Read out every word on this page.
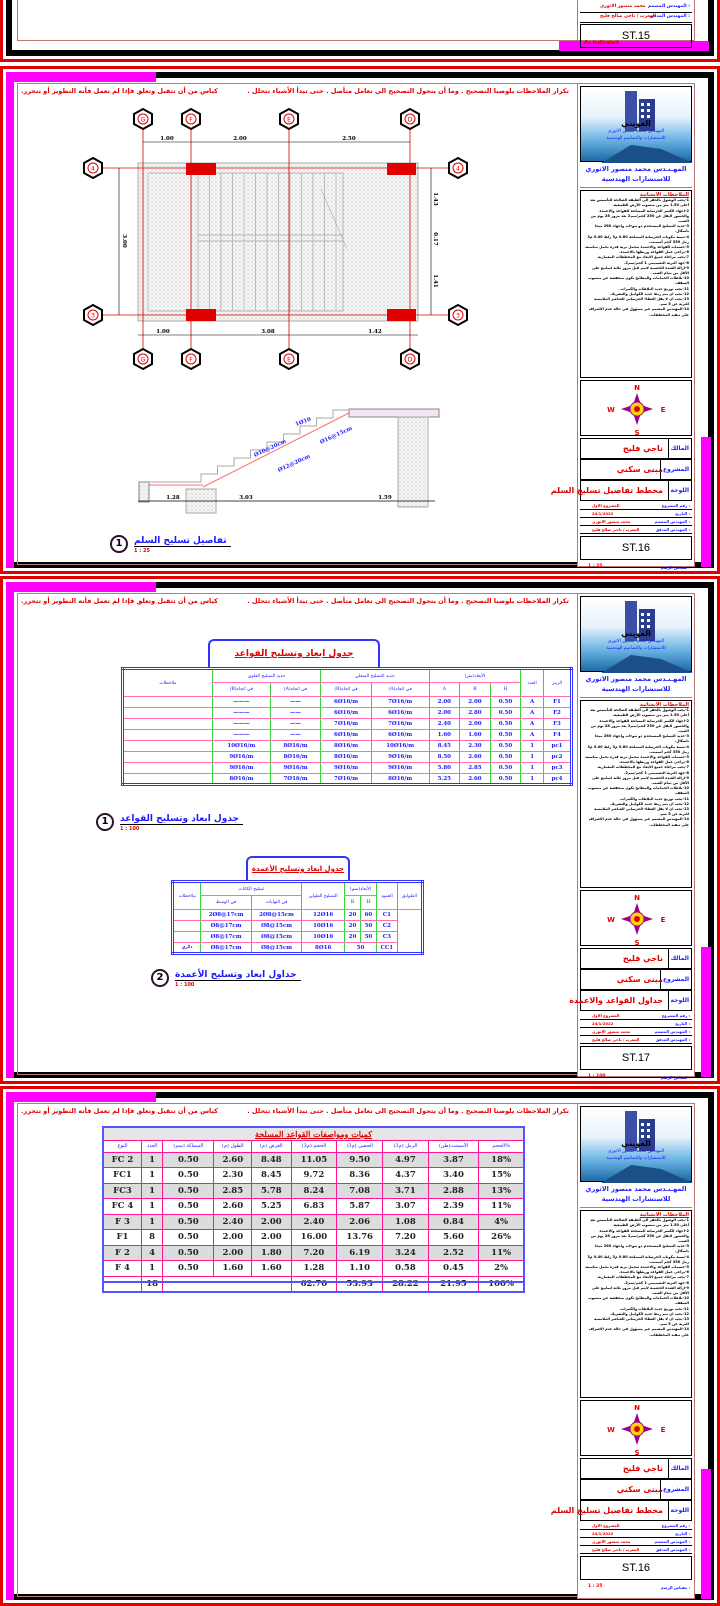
المهندس المصمم :
محمد منصور الاثوري
المهندس المدقق :
المعرب / ناجي صالح فليح
ST.15
As indicated
تكرار الملاحظات يلوضنا التصحيح . وما أن يتحول التصحيح الى تعامل متأصل . حتى تبدأ الأشياء تتحلل .
كياس من أن تتقبل وتعلق فإذا لم تعمل فأنه التطوير أو تتحرر.
العويني
المهندس محمد منصور الاثوري
للاستشارات والتصاميم الهندسية
المهـنـدس محمد منصور الاثوري
للاستشارات الهندسية
الملاحظات الانشائية
1-يجب الوصول بالحفر الى الطبقة الصالحة للتأسيس بعد أعلى 1.50 متر من منسوب الأرض الطبيعية.
2-اجهاد الكسر الخرسانة المسلحة للقواعد والاعمدة والجسور لايقل عن 250 كجم/سم2 بعد مرور 28 يوم من الصب.
3-حديد التسليح المستخدم ذو نتوءات واجهاد 280 ميجا باسكال.
4-نسبة مكونات الخرسانة المسلحة 0.80 م3 زلط 0.40 م3 رمل 350 كجم أسمنت.
5-جسمات القواعد والاعمدة تتحمل تربة قدرة تحمل مناسبة.
6-يراعى عمل القواعد وربطها بالاعمدة.
7-يجب مراعاة جميع الابعاد مع المخططات المعمارية.
8-جهد التربة التصميمي 1 كجم/سم2.
9-ازالة الشدة الخشبية لايتم قبل مرور ثلاثة اسابيع على الأقل من تمام الصب.
10-بلاطات الحمامات والمطابخ تكون منخفضة عن منسوب السقف.
11-يجب توزيع حديد البلاطات والكمرات.
12-يجب ان يتم ربط حديد الكوابيل والتشريك.
13-يجب ان لا يقل الغطاء الخرساني للعناصر الملامسة للتربة عن 5 سم.
14-المهندس المصمم غير مسؤول في حالة عدم الاشراف على تنفيذ المخططات.
N
S
W	E
المالك
ناجي فليح
المشروع
مبنى سكني
اللوحة
مخطط تفاصيل تسليح السلم
رقم المشروع :
المشروع الاول
التاريخ :
24/1/2022
المهندس المصمم :
محمد منصور الاثوري
المهندس المدقق :
المعرب / ناجي صالح فليح
ST.16
مقياس الرسم :
1 : 25
G
G
F
F
E
E
D
D
4	4
3	3
1.00	2.00	2.50
1.00	3.08	1.42
3.00
1.43
0.17
1.41
1.28	3.03	1.59
1Ø10
Ø10@20cm
Ø16@15cm
Ø12@20cm
1	تفاصيل تسليح السلم
1 : 25
تكرار الملاحظات يلوضنا التصحيح . وما أن يتحول التصحيح الى تعامل متأصل . حتى تبدأ الأشياء تتحلل .
كياس من أن تتقبل وتعلق فإذا لم تعمل فأنه التطوير أو تتحرر.
العويني
المهندس محمد منصور الاثوري
للاستشارات والتصاميم الهندسية
المهـنـدس محمد منصور الاثوري
للاستشارات الهندسية
الملاحظات الانشائية
1-يجب الوصول بالحفر الى الطبقة الصالحة للتأسيس بعد أعلى 1.50 متر من منسوب الأرض الطبيعية.
2-اجهاد الكسر الخرسانة المسلحة للقواعد والاعمدة والجسور لايقل عن 250 كجم/سم2 بعد مرور 28 يوم من الصب.
3-حديد التسليح المستخدم ذو نتوءات واجهاد 280 ميجا باسكال.
4-نسبة مكونات الخرسانة المسلحة 0.80 م3 زلط 0.40 م3 رمل 350 كجم أسمنت.
5-جسمات القواعد والاعمدة تتحمل تربة قدرة تحمل مناسبة.
6-يراعى عمل القواعد وربطها بالاعمدة.
7-يجب مراعاة جميع الابعاد مع المخططات المعمارية.
8-جهد التربة التصميمي 1 كجم/سم2.
9-ازالة الشدة الخشبية لايتم قبل مرور ثلاثة اسابيع على الأقل من تمام الصب.
10-بلاطات الحمامات والمطابخ تكون منخفضة عن منسوب السقف.
11-يجب توزيع حديد البلاطات والكمرات.
12-يجب ان يتم ربط حديد الكوابيل والتشريك.
13-يجب ان لا يقل الغطاء الخرساني للعناصر الملامسة للتربة عن 5 سم.
14-المهندس المصمم غير مسؤول في حالة عدم الاشراف على تنفيذ المخططات.
N
S
W	E
المالك
ناجي فليح
المشروع
مبنى سكني
اللوحة
جداول القواعد والاعمدة
رقم المشروع :
المشروع الاول
التاريخ :
24/1/2022
المهندس المصمم :
محمد منصور الاثوري
المهندس المدقق :
المعرب / ناجي صالح فليح
ST.17
مقياس الرسم :
1 : 100
جدول ابعاد وتسليح القواعد
الرمز	العدد	الأبعاد(متر)			حديد التسليح السفلي		حديد التسليح العلوي		ملاحظات
		H	B	A	في اتجاه(A)	في اتجاه(B)	في اتجاه(A)	في اتجاه(B)	
F1	A	0.50	2.00	2.00	7Ø16/m	6Ø16/m	——	———	
F2	A	0.50	2.80	2.00	6Ø16/m	6Ø16/m	——	———	
F3	A	0.50	2.00	2.40	7Ø16/m	7Ø16/m	——	———	
F4	A	0.50	1.60	1.60	6Ø16/m	6Ø16/m	——	———	
pc1	1	0.50	2.30	8.45	10Ø16/m	8Ø16/m	8Ø16/m	10Ø16/m	
pc2	1	0.50	2.60	8.50	9Ø16/m	8Ø16/m	8Ø16/m	9Ø16/m	
pc3	1	0.50	2.85	5.80	9Ø16/m	9Ø16/m	9Ø16/m	9Ø16/m	
pc4	1	0.50	2.60	5.25	8Ø16/m	7Ø16/m	7Ø16/m	8Ø16/m	
1	جدول ابعاد وتسليح القواعد
1 : 100
جدول ابعاد وتسليح الأعمدة
الطوابق	العمود	الأبعاد(سم)		التسليح الطولي	تسليح الكانات		ملاحظات
		H	B		في النهايات	في الوسط	
	C1	60	20	12Ø16	2Ø8@15cm	2Ø8@17cm	
	C2	50	20	10Ø16	Ø8@15cm	Ø8@17cm	
	C3	50	20	10Ø16	Ø8@15cm	Ø8@17cm	
	CC1	50		8Ø16	Ø8@15cm	Ø8@17cm	دائري
2	جداول ابعاد وتسليح الأعمدة
1 : 100
تكرار الملاحظات يلوضنا التصحيح . وما أن يتحول التصحيح الى تعامل متأصل . حتى تبدأ الأشياء تتحلل .
كياس من أن تتقبل وتعلق فإذا لم تعمل فأنه التطوير أو تتحرر.
العويني
المهندس محمد منصور الاثوري
للاستشارات والتصاميم الهندسية
المهـنـدس محمد منصور الاثوري
للاستشارات الهندسية
الملاحظات الانشائية
1-يجب الوصول بالحفر الى الطبقة الصالحة للتأسيس بعد أعلى 1.50 متر من منسوب الأرض الطبيعية.
2-اجهاد الكسر الخرسانة المسلحة للقواعد والاعمدة والجسور لايقل عن 250 كجم/سم2 بعد مرور 28 يوم من الصب.
3-حديد التسليح المستخدم ذو نتوءات واجهاد 280 ميجا باسكال.
4-نسبة مكونات الخرسانة المسلحة 0.80 م3 زلط 0.40 م3 رمل 350 كجم أسمنت.
5-جسمات القواعد والاعمدة تتحمل تربة قدرة تحمل مناسبة.
6-يراعى عمل القواعد وربطها بالاعمدة.
7-يجب مراعاة جميع الابعاد مع المخططات المعمارية.
8-جهد التربة التصميمي 1 كجم/سم2.
9-ازالة الشدة الخشبية لايتم قبل مرور ثلاثة اسابيع على الأقل من تمام الصب.
10-بلاطات الحمامات والمطابخ تكون منخفضة عن منسوب السقف.
11-يجب توزيع حديد البلاطات والكمرات.
12-يجب ان يتم ربط حديد الكوابيل والتشريك.
13-يجب ان لا يقل الغطاء الخرساني للعناصر الملامسة للتربة عن 5 سم.
14-المهندس المصمم غير مسؤول في حالة عدم الاشراف على تنفيذ المخططات.
N
S
W	E
المالك
ناجي فليح
المشروع
مبنى سكني
اللوحة
مخطط تفاصيل تسليح السلم
رقم المشروع :
المشروع الاول
التاريخ :
24/1/2022
المهندس المصمم :
محمد منصور الاثوري
المهندس المدقق :
المعرب / ناجي صالح فليح
ST.16
مقياس الرسم :
1 : 25
كميات ومواصفات القواعد المسلحة									
%الحجم	الأسمنت(طن)	الرمل (م3)	الحصى (م3)	الحجم (م3)	العرض (م)	الطول (م)	السماكة (سم)	العدد	النوع
18%	3.87	4.97	9.50	11.05	8.48	2.60	0.50	1	FC 2
15%	3.40	4.37	8.36	9.72	8.45	2.30	0.50	1	FC1
13%	2.88	3.71	7.08	8.24	5.78	2.85	0.50	1	FC3
11%	2.39	3.07	5.87	6.83	5.25	2.60	0.50	1	FC 4
4%	0.84	1.08	2.06	2.40	2.00	2.40	0.50	1	F 3
26%	5.60	7.20	13.76	16.00	2.00	2.00	0.50	8	F1
11%	2.52	3.24	6.19	7.20	1.80	2.00	0.50	4	F 2
2%	0.45	0.58	1.10	1.28	1.60	1.60	0.50	1	F 4
100%	21.95	28.22	53.93	62.70				18	
